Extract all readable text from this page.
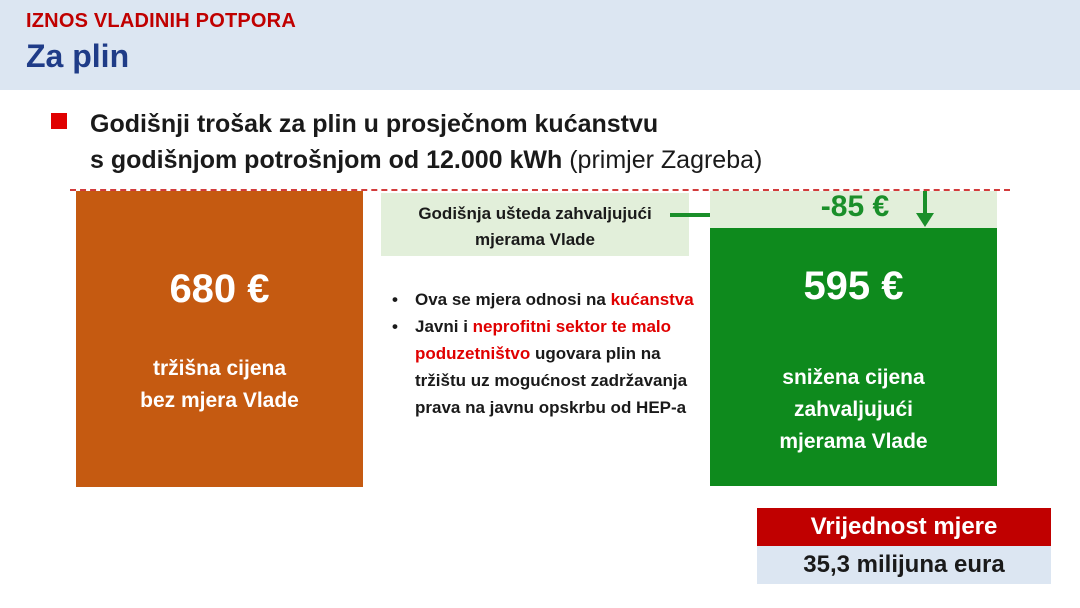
IZNOS VLADINIH POTPORA
Za plin
Godišnji trošak za plin u prosječnom kućanstvu
s godišnjom potrošnjom od 12.000 kWh (primjer Zagreba)
680 €
tržišna cijena
bez mjera Vlade
Godišnja ušteda zahvaljujući
mjerama Vlade
-85 €
595 €
snižena cijena
zahvaljujući
mjerama Vlade
• Ova se mjera odnosi na kućanstva
• Javni i neprofitni sektor te malo poduzetništvo ugovara plin na tržištu uz mogućnost zadržavanja prava na javnu opskrbu od HEP-a
Vrijednost mjere
35,3 milijuna eura
